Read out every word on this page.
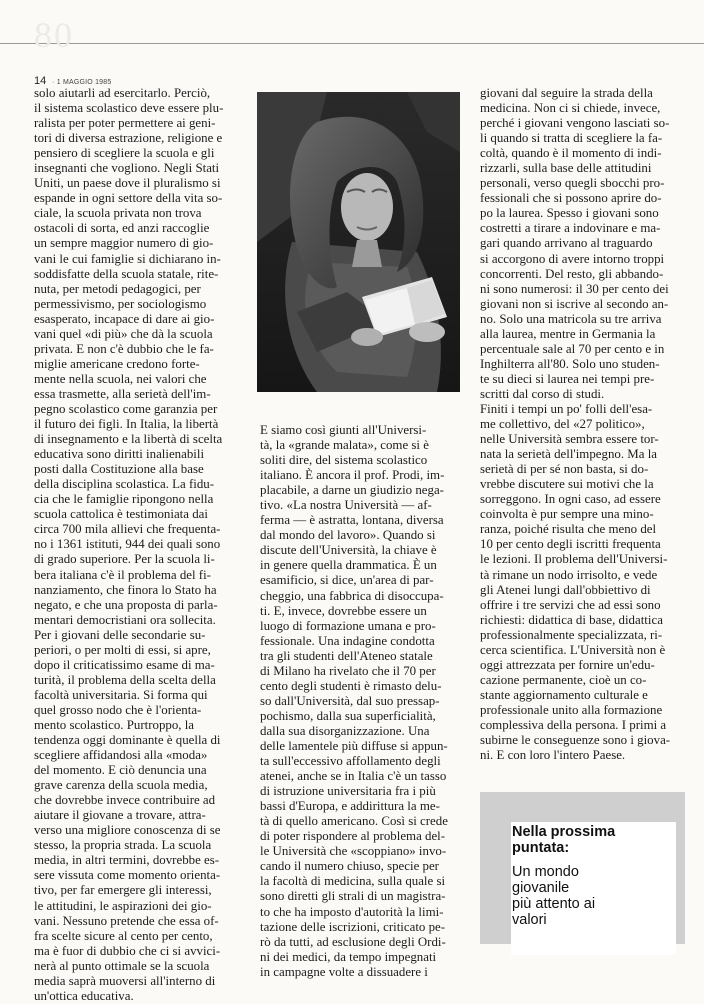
80
14 · 1 MAGGIO 1985

solo aiutarli ad esercitarlo. Perciò,
il sistema scolastico deve essere plu-
ralista per poter permettere ai geni-
tori di diversa estrazione, religione e
pensiero di scegliere la scuola e gli
insegnanti che vogliono. Negli Stati
Uniti, un paese dove il pluralismo si
espande in ogni settore della vita so-
ciale, la scuola privata non trova
ostacoli di sorta, ed anzi raccoglie
un sempre maggior numero di gio-
vani le cui famiglie si dichiarano in-
soddisfatte della scuola statale, rite-
nuta, per metodi pedagogici, per
permessivismo, per sociologismo
esasperato, incapace di dare ai gio-
vani quel «di più» che dà la scuola
privata. E non c'è dubbio che le fa-
miglie americane credono forte-
mente nella scuola, nei valori che
essa trasmette, alla serietà dell'im-
pegno scolastico come garanzia per
il futuro dei figli. In Italia, la libertà
di insegnamento e la libertà di scelta
educativa sono diritti inalienabili
posti dalla Costituzione alla base
della disciplina scolastica. La fidu-
cia che le famiglie ripongono nella
scuola cattolica è testimoniata dai
circa 700 mila allievi che frequenta-
no i 1361 istituti, 944 dei quali sono
di grado superiore. Per la scuola li-
bera italiana c'è il problema del fi-
nanziamento, che finora lo Stato ha
negato, e che una proposta di parla-
mentari democristiani ora sollecita.
Per i giovani delle secondarie su-
periori, o per molti di essi, si apre,
dopo il criticatissimo esame di ma-
turità, il problema della scelta della
facoltà universitaria. Si forma qui
quel grosso nodo che è l'orienta-
mento scolastico. Purtroppo, la
tendenza oggi dominante è quella di
scegliere affidandosi alla «moda»
del momento. E ciò denuncia una
grave carenza della scuola media,
che dovrebbe invece contribuire ad
aiutare il giovane a trovare, attra-
verso una migliore conoscenza di se
stesso, la propria strada. La scuola
media, in altri termini, dovrebbe es-
sere vissuta come momento orienta-
tivo, per far emergere gli interessi,
le attitudini, le aspirazioni dei gio-
vani. Nessuno pretende che essa of-
fra scelte sicure al cento per cento,
ma è fuor di dubbio che ci si avvici-
nerà al punto ottimale se la scuola
media saprà muoversi all'interno di
un'ottica educativa.

E siamo così giunti all'Universi-
tà, la «grande malata», come si è
soliti dire, del sistema scolastico
italiano. È ancora il prof. Prodi, im-
placabile, a darne un giudizio nega-
tivo. «La nostra Università — af-
ferma — è astratta, lontana, diversa
dal mondo del lavoro». Quando si
discute dell'Università, la chiave è
in genere quella drammatica. È un
esamificio, si dice, un'area di par-
cheggio, una fabbrica di disoccupa-
ti. E, invece, dovrebbe essere un
luogo di formazione umana e pro-
fessionale. Una indagine condotta
tra gli studenti dell'Ateneo statale
di Milano ha rivelato che il 70 per
cento degli studenti è rimasto delu-
so dall'Università, dal suo pressap-
pochismo, dalla sua superficialità,
dalla sua disorganizzazione. Una
delle lamentele più diffuse si appun-
ta sull'eccessivo affollamento degli
atenei, anche se in Italia c'è un tasso
di istruzione universitaria fra i più
bassi d'Europa, e addirittura la me-
tà di quello americano. Così si crede
di poter rispondere al problema del-
le Università che «scoppiano» invo-
cando il numero chiuso, specie per
la facoltà di medicina, sulla quale si
sono diretti gli strali di un magistra-
to che ha imposto d'autorità la limi-
tazione delle iscrizioni, criticato pe-
rò da tutti, ad esclusione degli Ordi-
ni dei medici, da tempo impegnati
in campagne volte a dissuadere i

giovani dal seguire la strada della
medicina. Non ci si chiede, invece,
perché i giovani vengono lasciati so-
li quando si tratta di scegliere la fa-
coltà, quando è il momento di indi-
rizzarli, sulla base delle attitudini
personali, verso quegli sbocchi pro-
fessionali che si possono aprire do-
po la laurea. Spesso i giovani sono
costretti a tirare a indovinare e ma-
gari quando arrivano al traguardo
si accorgono di avere intorno troppi
concorrenti. Del resto, gli abbando-
ni sono numerosi: il 30 per cento dei
giovani non si iscrive al secondo an-
no. Solo una matricola su tre arriva
alla laurea, mentre in Germania la
percentuale sale al 70 per cento e in
Inghilterra all'80. Solo uno studen-
te su dieci si laurea nei tempi pre-
scritti dal corso di studi.
Finiti i tempi un po' folli dell'esa-
me collettivo, del «27 politico»,
nelle Università sembra essere tor-
nata la serietà dell'impegno. Ma la
serietà di per sé non basta, si do-
vrebbe discutere sui motivi che la
sorreggono. In ogni caso, ad essere
coinvolta è pur sempre una mino-
ranza, poiché risulta che meno del
10 per cento degli iscritti frequenta
le lezioni. Il problema dell'Universi-
tà rimane un nodo irrisolto, e vede
gli Atenei lungi dall'obbiettivo di
offrire i tre servizi che ad essi sono
richiesti: didattica di base, didattica
professionalmente specializzata, ri-
cerca scientifica. L'Università non è
oggi attrezzata per fornire un'edu-
cazione permanente, cioè un co-
stante aggiornamento culturale e
professionale unito alla formazione
complessiva della persona. I primi a
subirne le conseguenze sono i giova-
ni. E con loro l'intero Paese.

Nella prossima
puntata:
Un mondo
giovanile
più attento ai
valori
